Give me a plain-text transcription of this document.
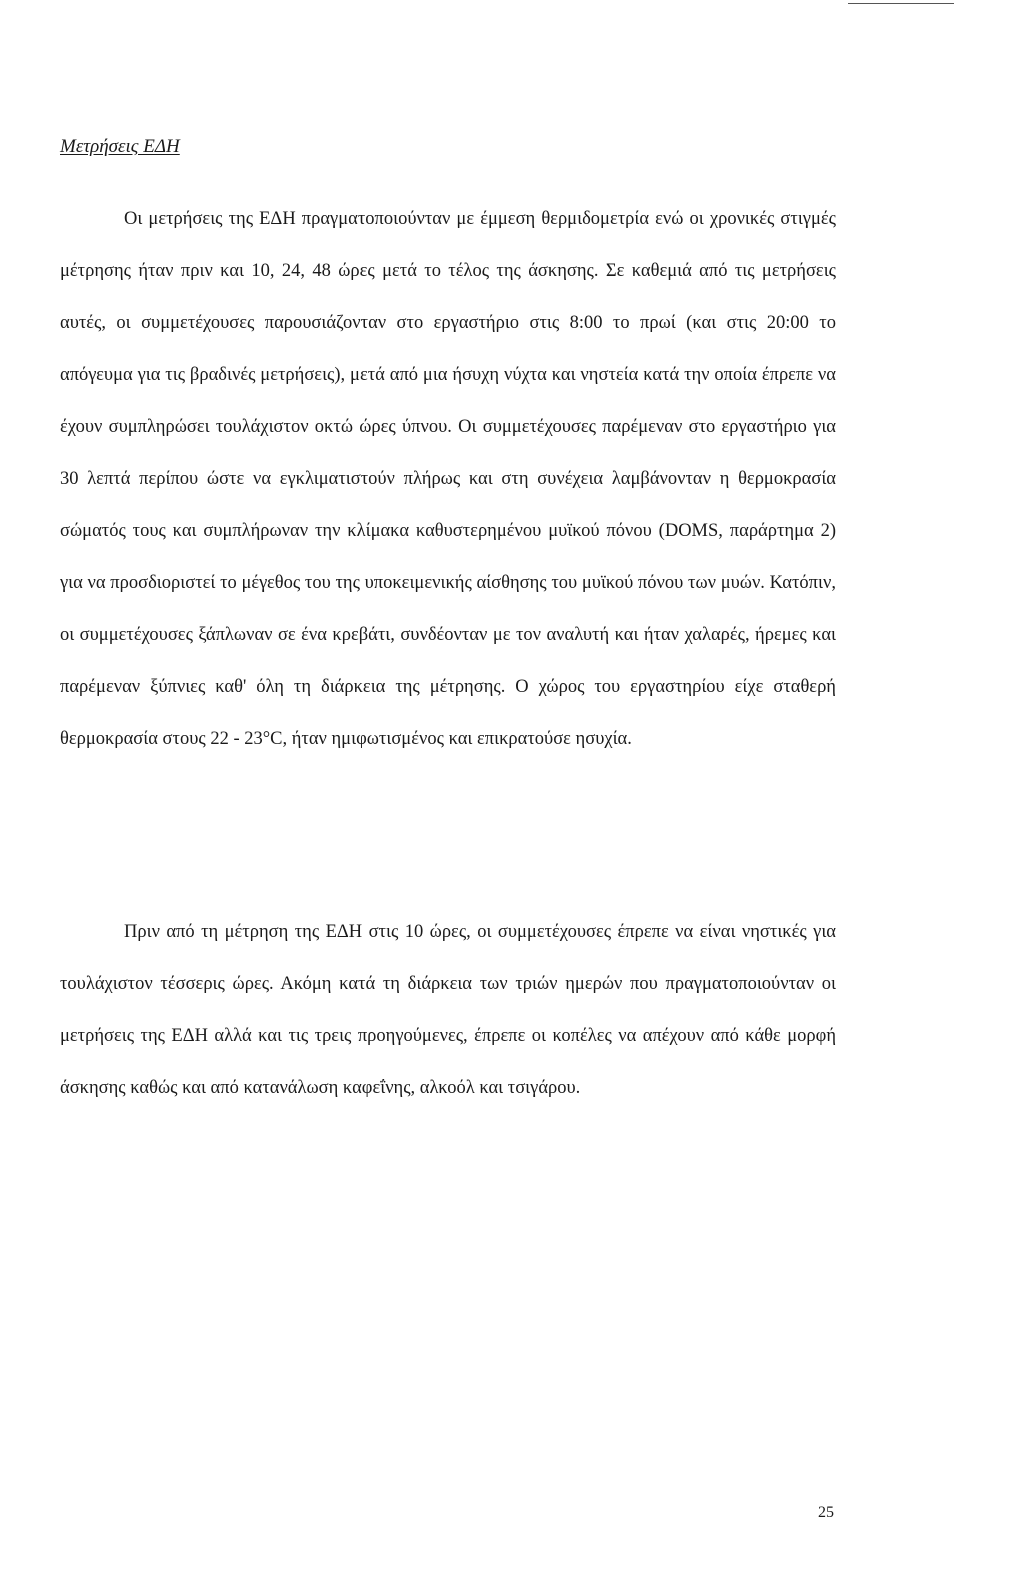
Μετρήσεις ΕΔΗ

Οι μετρήσεις της ΕΔΗ πραγματοποιούνταν με έμμεση θερμιδομετρία ενώ οι χρονικές στιγμές μέτρησης ήταν πριν και 10, 24, 48 ώρες μετά το τέλος της άσκησης. Σε καθεμιά από τις μετρήσεις αυτές, οι συμμετέχουσες παρουσιάζονταν στο εργαστήριο στις 8:00 το πρωί (και στις 20:00 το απόγευμα για τις βραδινές μετρήσεις), μετά από μια ήσυχη νύχτα και νηστεία κατά την οποία έπρεπε να έχουν συμπληρώσει τουλάχιστον οκτώ ώρες ύπνου. Οι συμμετέχουσες παρέμεναν στο εργαστήριο για 30 λεπτά περίπου ώστε να εγκλιματιστούν πλήρως και στη συνέχεια λαμβάνονταν η θερμοκρασία σώματός τους και συμπλήρωναν την κλίμακα καθυστερημένου μυϊκού πόνου (DOMS, παράρτημα 2) για να προσδιοριστεί το μέγεθος του της υποκειμενικής αίσθησης του μυϊκού πόνου των μυών. Κατόπιν, οι συμμετέχουσες ξάπλωναν σε ένα κρεβάτι, συνδέονταν με τον αναλυτή και ήταν χαλαρές, ήρεμες και παρέμεναν ξύπνιες καθ' όλη τη διάρκεια της μέτρησης. Ο χώρος του εργαστηρίου είχε σταθερή θερμοκρασία στους 22 - 23°C, ήταν ημιφωτισμένος και επικρατούσε ησυχία.

Πριν από τη μέτρηση της ΕΔΗ στις 10 ώρες, οι συμμετέχουσες έπρεπε να είναι νηστικές για τουλάχιστον τέσσερις ώρες. Ακόμη κατά τη διάρκεια των τριών ημερών που πραγματοποιούνταν οι μετρήσεις της ΕΔΗ αλλά και τις τρεις προηγούμενες, έπρεπε οι κοπέλες να απέχουν από κάθε μορφή άσκησης καθώς και από κατανάλωση καφεΐνης, αλκοόλ και τσιγάρου.

25
